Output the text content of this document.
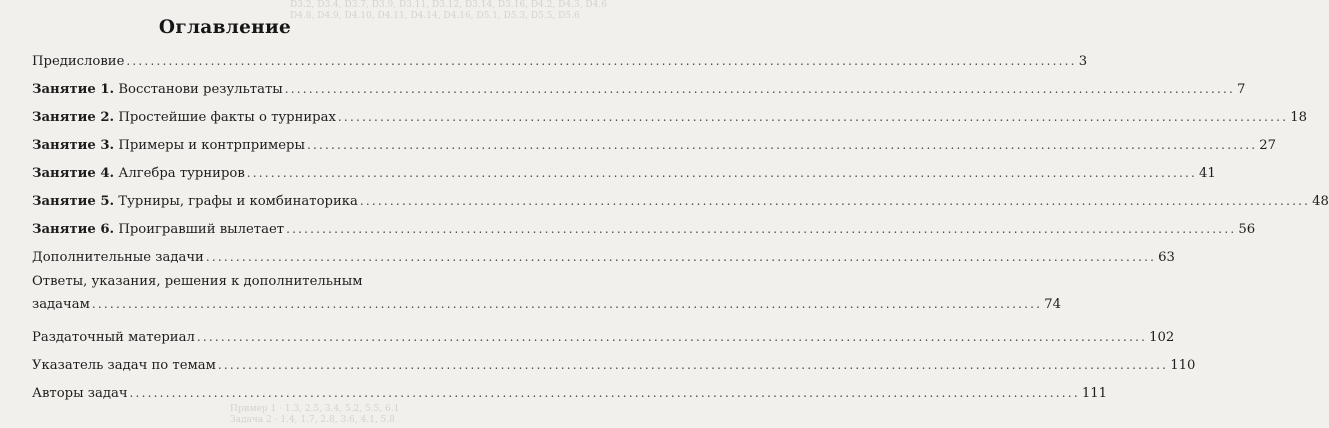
D3.2, D3.4, D3.7, D3.9, D3.11, D3.12, D3.14, D3.16, D4.2, D4.3, D4.6
D4.8, D4.9, D4.10, D4.11, D4.14, D4.16, D5.1, D5.3, D5.5, D5.6
Оглавление
Предисловие .....	3
Занятие 1. Восстанови результаты .....	7
Занятие 2. Простейшие факты о турнирах .....	18
Занятие 3. Примеры и контрпримеры .....	27
Занятие 4. Алгебра турниров .....	41
Занятие 5. Турниры, графы и комбинаторика .....	48
Занятие 6. Проигравший вылетает .....	56
Дополнительные задачи .....	63
Ответы, указания, решения к дополнительным
задачам .....	74
Раздаточный материал .....	102
Указатель задач по темам .....	110
Авторы задач .....	111
Пример 1 · 1.3, 2.5, 3.4, 5.2, 5.5, 6.1
Задача 2 · 1.4, 1.7, 2.8, 3.6, 4.1, 5.8
